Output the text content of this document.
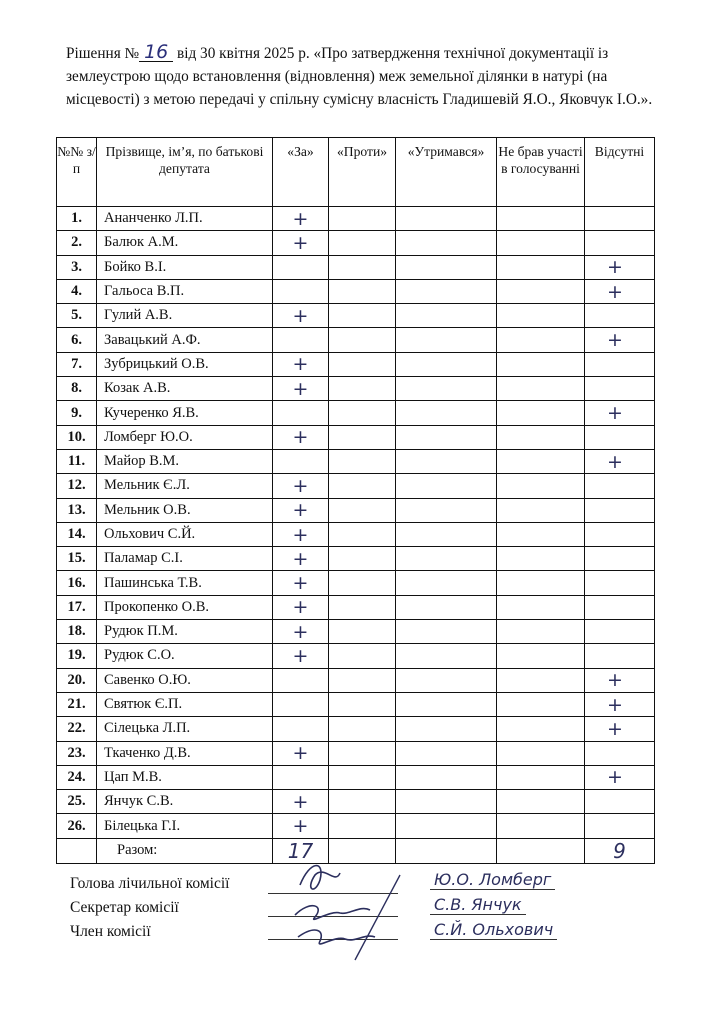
Рішення № 16 від 30 квітня 2025 р. «Про затвердження технічної документації із землеустрою щодо встановлення (відновлення) меж земельної ділянки в натурі (на місцевості) з метою передачі у спільну сумісну власність Гладишевій Я.О., Яковчук І.О.».
№№ з/п	Прізвище, ім’я, по батькові депутата	«За»	«Проти»	«Утримався»	Не брав участі в голосуванні	Відсутні
1.	Ананченко Л.П.	+				

2.	Балюк А.М.	+				

3.	Бойко В.І.					+

4.	Гальоса В.П.					+

5.	Гулий А.В.	+				

6.	Завацький А.Ф.					+

7.	Зубрицький О.В.	+				

8.	Козак А.В.	+				

9.	Кучеренко Я.В.					+

10.	Ломберг Ю.О.	+				

11.	Майор В.М.					+

12.	Мельник Є.Л.	+				

13.	Мельник О.В.	+				

14.	Ольхович С.Й.	+				

15.	Паламар С.І.	+				

16.	Пашинська Т.В.	+				

17.	Прокопенко О.В.	+				

18.	Рудюк П.М.	+				

19.	Рудюк С.О.	+				

20.	Савенко О.Ю.					+

21.	Святюк Є.П.					+

22.	Сілецька Л.П.					+

23.	Ткаченко Д.В.	+				

24.	Цап М.В.					+

25.	Янчук С.В.	+				

26.	Білецька Г.І.	+				

	Разом:	17				9
Голова лічильної комісії
Секретар комісії
Член комісії
Ю.О. Ломберг
С.В. Янчук
С.Й. Ольхович
